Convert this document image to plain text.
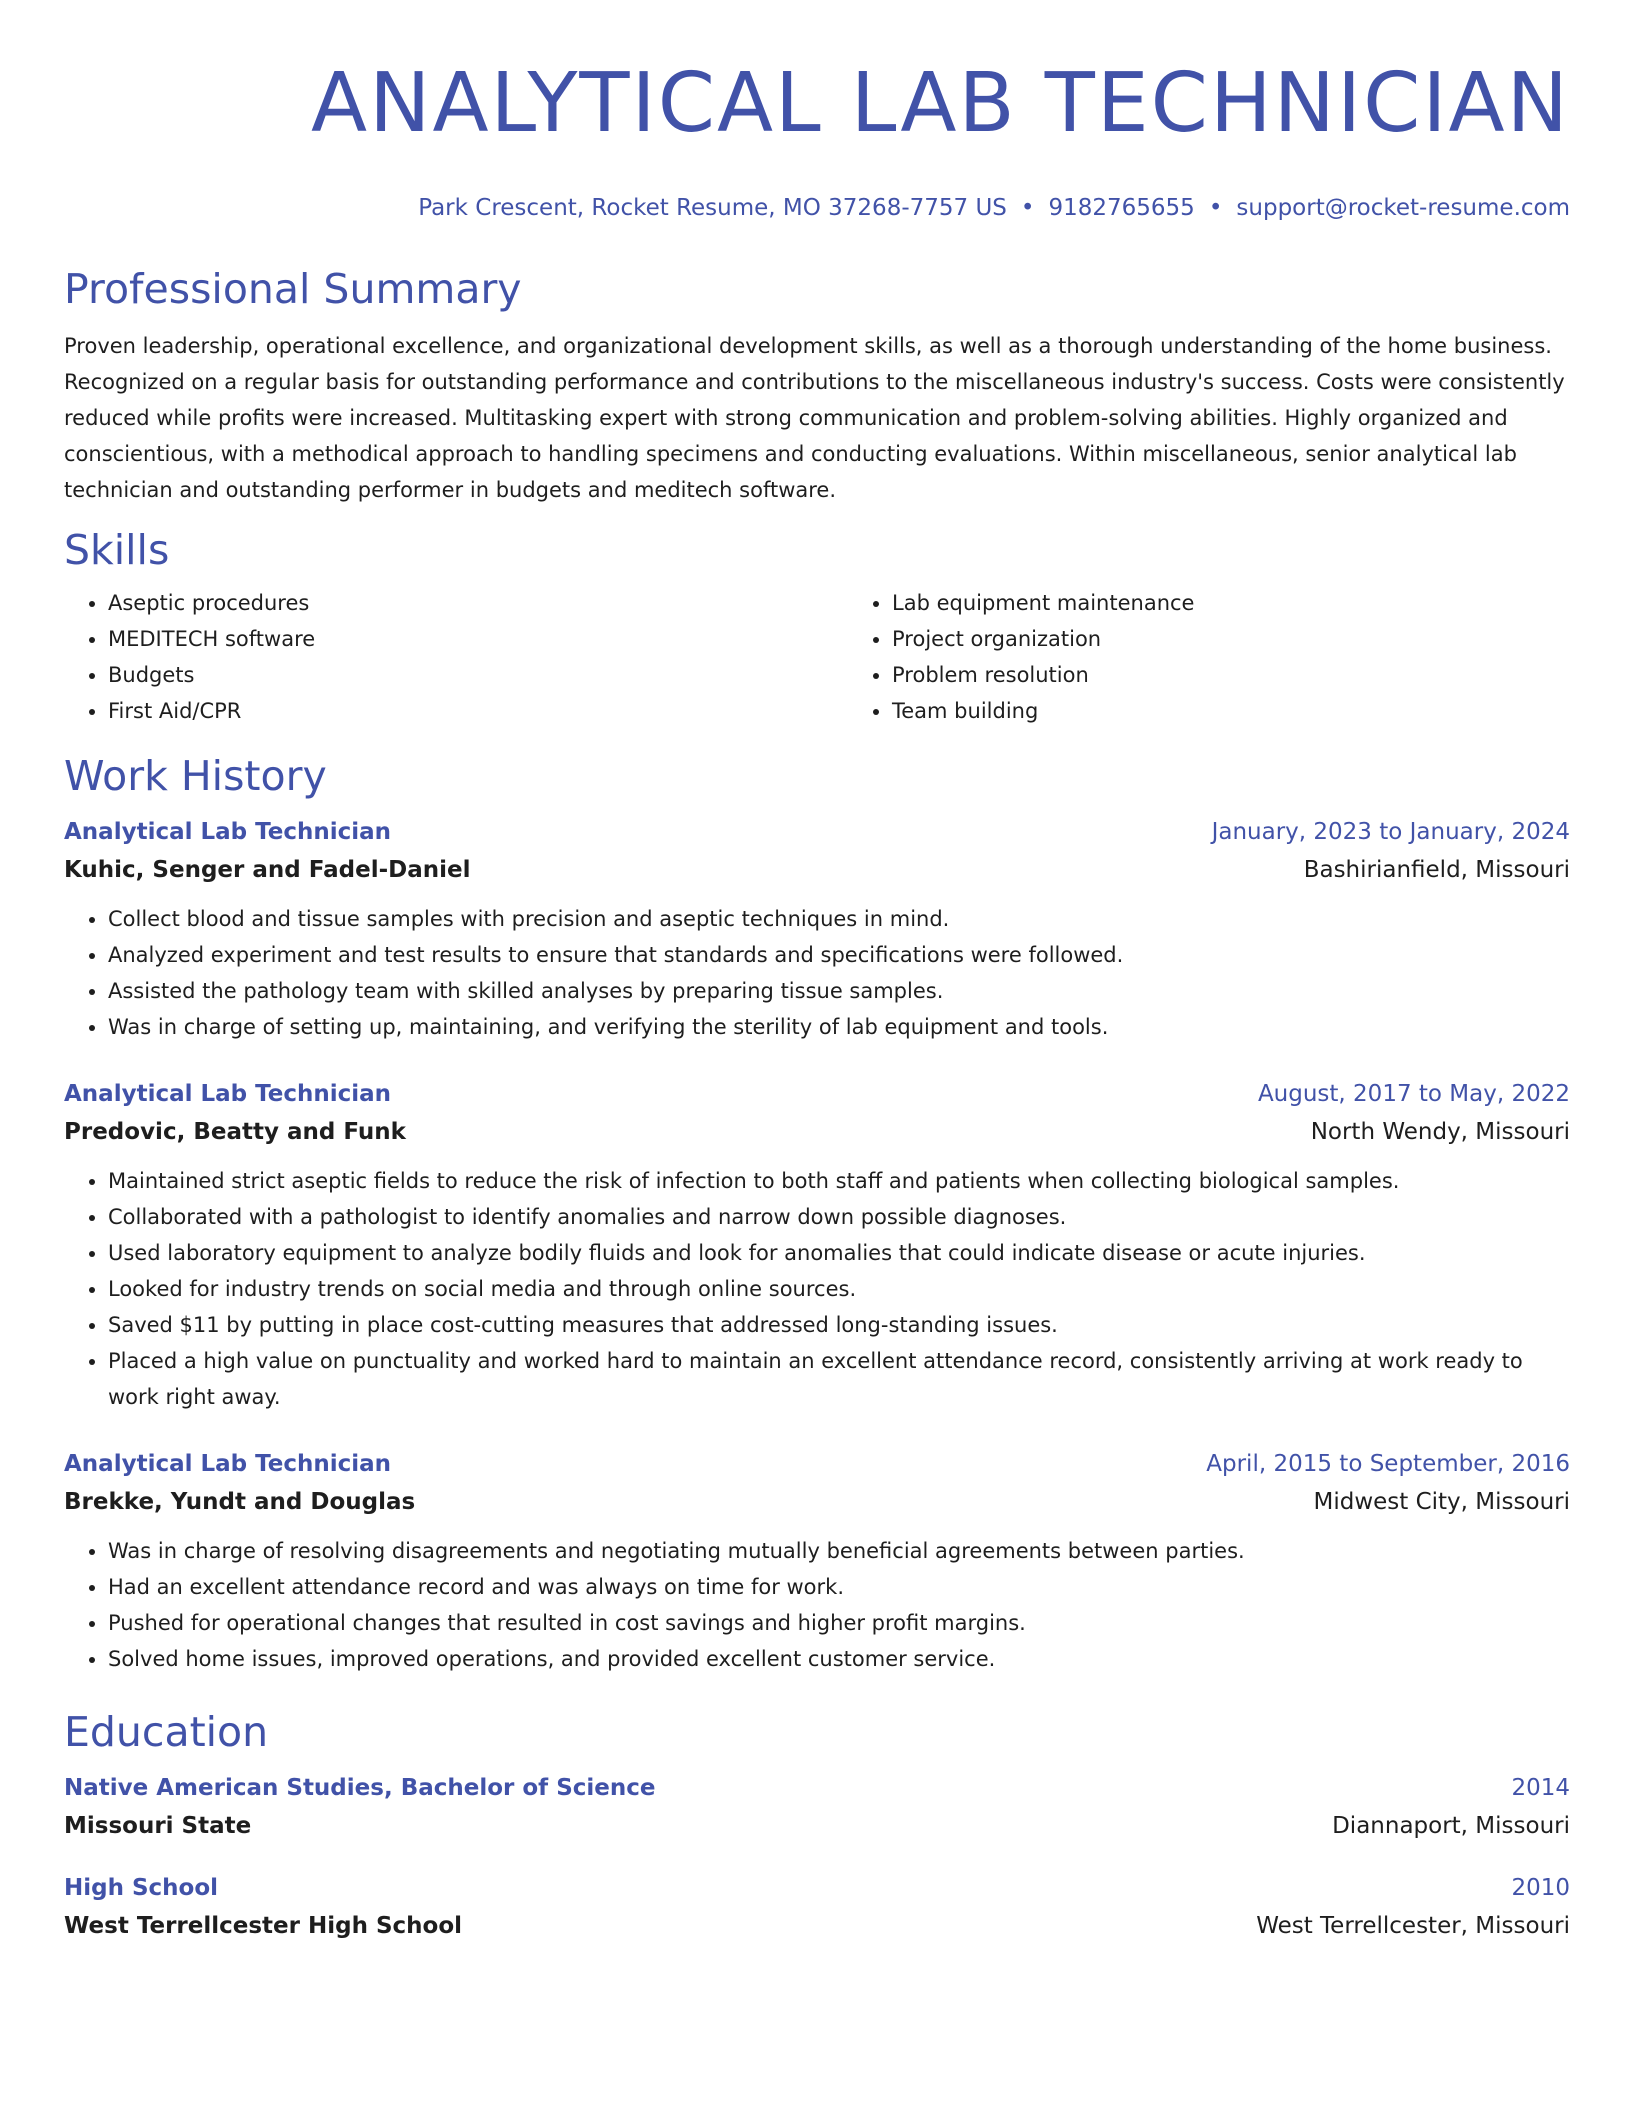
ANALYTICAL LAB TECHNICIAN
Park Crescent, Rocket Resume, MO 37268-7757 US • 9182765655 • support@rocket-resume.com
Professional Summary
Proven leadership, operational excellence, and organizational development skills, as well as a thorough understanding of the home business. Recognized on a regular basis for outstanding performance and contributions to the miscellaneous industry's success. Costs were consistently reduced while profits were increased. Multitasking expert with strong communication and problem-solving abilities. Highly organized and conscientious, with a methodical approach to handling specimens and conducting evaluations. Within miscellaneous, senior analytical lab technician and outstanding performer in budgets and meditech software.
Skills
• Aseptic procedures
• MEDITECH software
• Budgets
• First Aid/CPR
• Lab equipment maintenance
• Project organization
• Problem resolution
• Team building
Work History
Analytical Lab Technician	January, 2023 to January, 2024
Kuhic, Senger and Fadel-Daniel	Bashirianfield, Missouri
• Collect blood and tissue samples with precision and aseptic techniques in mind.
• Analyzed experiment and test results to ensure that standards and specifications were followed.
• Assisted the pathology team with skilled analyses by preparing tissue samples.
• Was in charge of setting up, maintaining, and verifying the sterility of lab equipment and tools.
Analytical Lab Technician	August, 2017 to May, 2022
Predovic, Beatty and Funk	North Wendy, Missouri
• Maintained strict aseptic fields to reduce the risk of infection to both staff and patients when collecting biological samples.
• Collaborated with a pathologist to identify anomalies and narrow down possible diagnoses.
• Used laboratory equipment to analyze bodily fluids and look for anomalies that could indicate disease or acute injuries.
• Looked for industry trends on social media and through online sources.
• Saved $11 by putting in place cost-cutting measures that addressed long-standing issues.
• Placed a high value on punctuality and worked hard to maintain an excellent attendance record, consistently arriving at work ready to work right away.
Analytical Lab Technician	April, 2015 to September, 2016
Brekke, Yundt and Douglas	Midwest City, Missouri
• Was in charge of resolving disagreements and negotiating mutually beneficial agreements between parties.
• Had an excellent attendance record and was always on time for work.
• Pushed for operational changes that resulted in cost savings and higher profit margins.
• Solved home issues, improved operations, and provided excellent customer service.
Education
Native American Studies, Bachelor of Science	2014
Missouri State	Diannaport, Missouri
High School	2010
West Terrellcester High School	West Terrellcester, Missouri
